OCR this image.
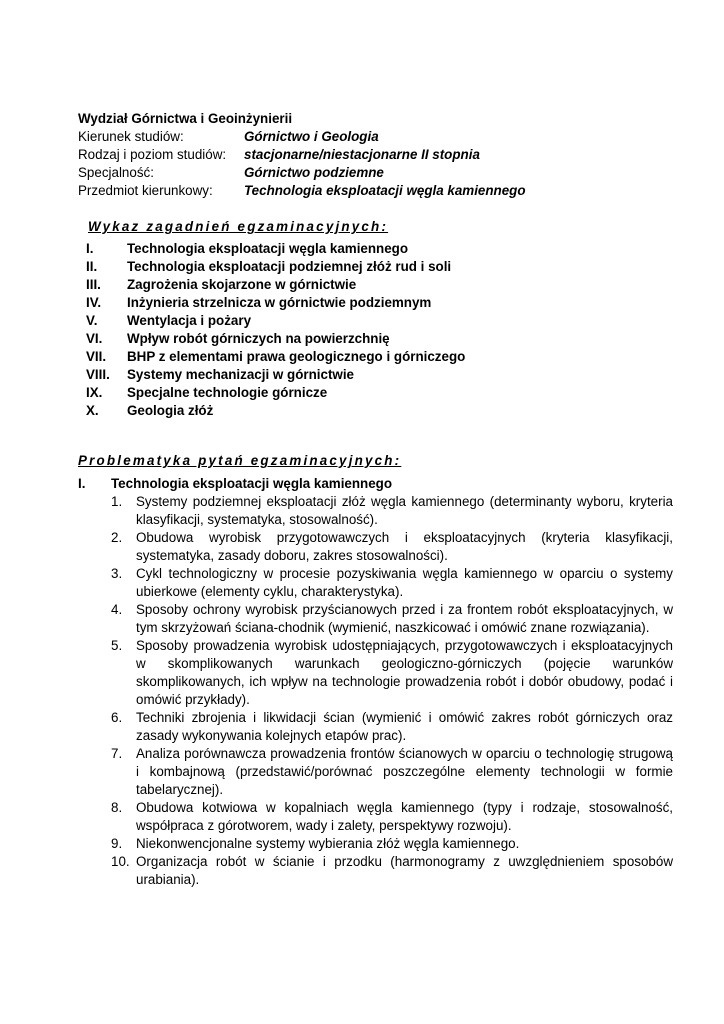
Wydział Górnictwa i Geoinżynierii
Kierunek studiów:	Górnictwo i Geologia
Rodzaj i poziom studiów:	stacjonarne/niestacjonarne II stopnia
Specjalność:	Górnictwo podziemne
Przedmiot kierunkowy:	Technologia eksploatacji węgla kamiennego
Wykaz zagadnień egzaminacyjnych:
I.	Technologia eksploatacji węgla kamiennego
II.	Technologia eksploatacji podziemnej złóż rud i soli
III.	Zagrożenia skojarzone w górnictwie
IV.	Inżynieria strzelnicza w górnictwie podziemnym
V.	Wentylacja i pożary
VI.	Wpływ robót górniczych na powierzchnię
VII.	BHP z elementami prawa geologicznego i górniczego
VIII.	Systemy mechanizacji w górnictwie
IX.	Specjalne technologie górnicze
X.	Geologia złóż
Problematyka pytań egzaminacyjnych:
I.	Technologia eksploatacji węgla kamiennego
1.	Systemy podziemnej eksploatacji złóż węgla kamiennego (determinanty wyboru, kryteria klasyfikacji, systematyka, stosowalność).
2.	Obudowa wyrobisk przygotowawczych i eksploatacyjnych (kryteria klasyfikacji, systematyka, zasady doboru, zakres stosowalności).
3.	Cykl technologiczny w procesie pozyskiwania węgla kamiennego w oparciu o systemy ubierkowe (elementy cyklu, charakterystyka).
4.	Sposoby ochrony wyrobisk przyścianowych przed i za frontem robót eksploatacyjnych, w tym skrzyżowań ściana-chodnik (wymienić, naszkicować i omówić znane rozwiązania).
5.	Sposoby prowadzenia wyrobisk udostępniających, przygotowawczych i eksploatacyjnych w skomplikowanych warunkach geologiczno-górniczych (pojęcie warunków skomplikowanych, ich wpływ na technologie prowadzenia robót i dobór obudowy, podać i omówić przykłady).
6.	Techniki zbrojenia i likwidacji ścian (wymienić i omówić zakres robót górniczych oraz zasady wykonywania kolejnych etapów prac).
7.	Analiza porównawcza prowadzenia frontów ścianowych w oparciu o technologię strugową i kombajnową (przedstawić/porównać poszczególne elementy technologii w formie tabelarycznej).
8.	Obudowa kotwiowa w kopalniach węgla kamiennego (typy i rodzaje, stosowalność, współpraca z górotworem, wady i zalety, perspektywy rozwoju).
9.	Niekonwencjonalne systemy wybierania złóż węgla kamiennego.
10. Organizacja robót w ścianie i przodku (harmonogramy z uwzględnieniem sposobów urabiania).
